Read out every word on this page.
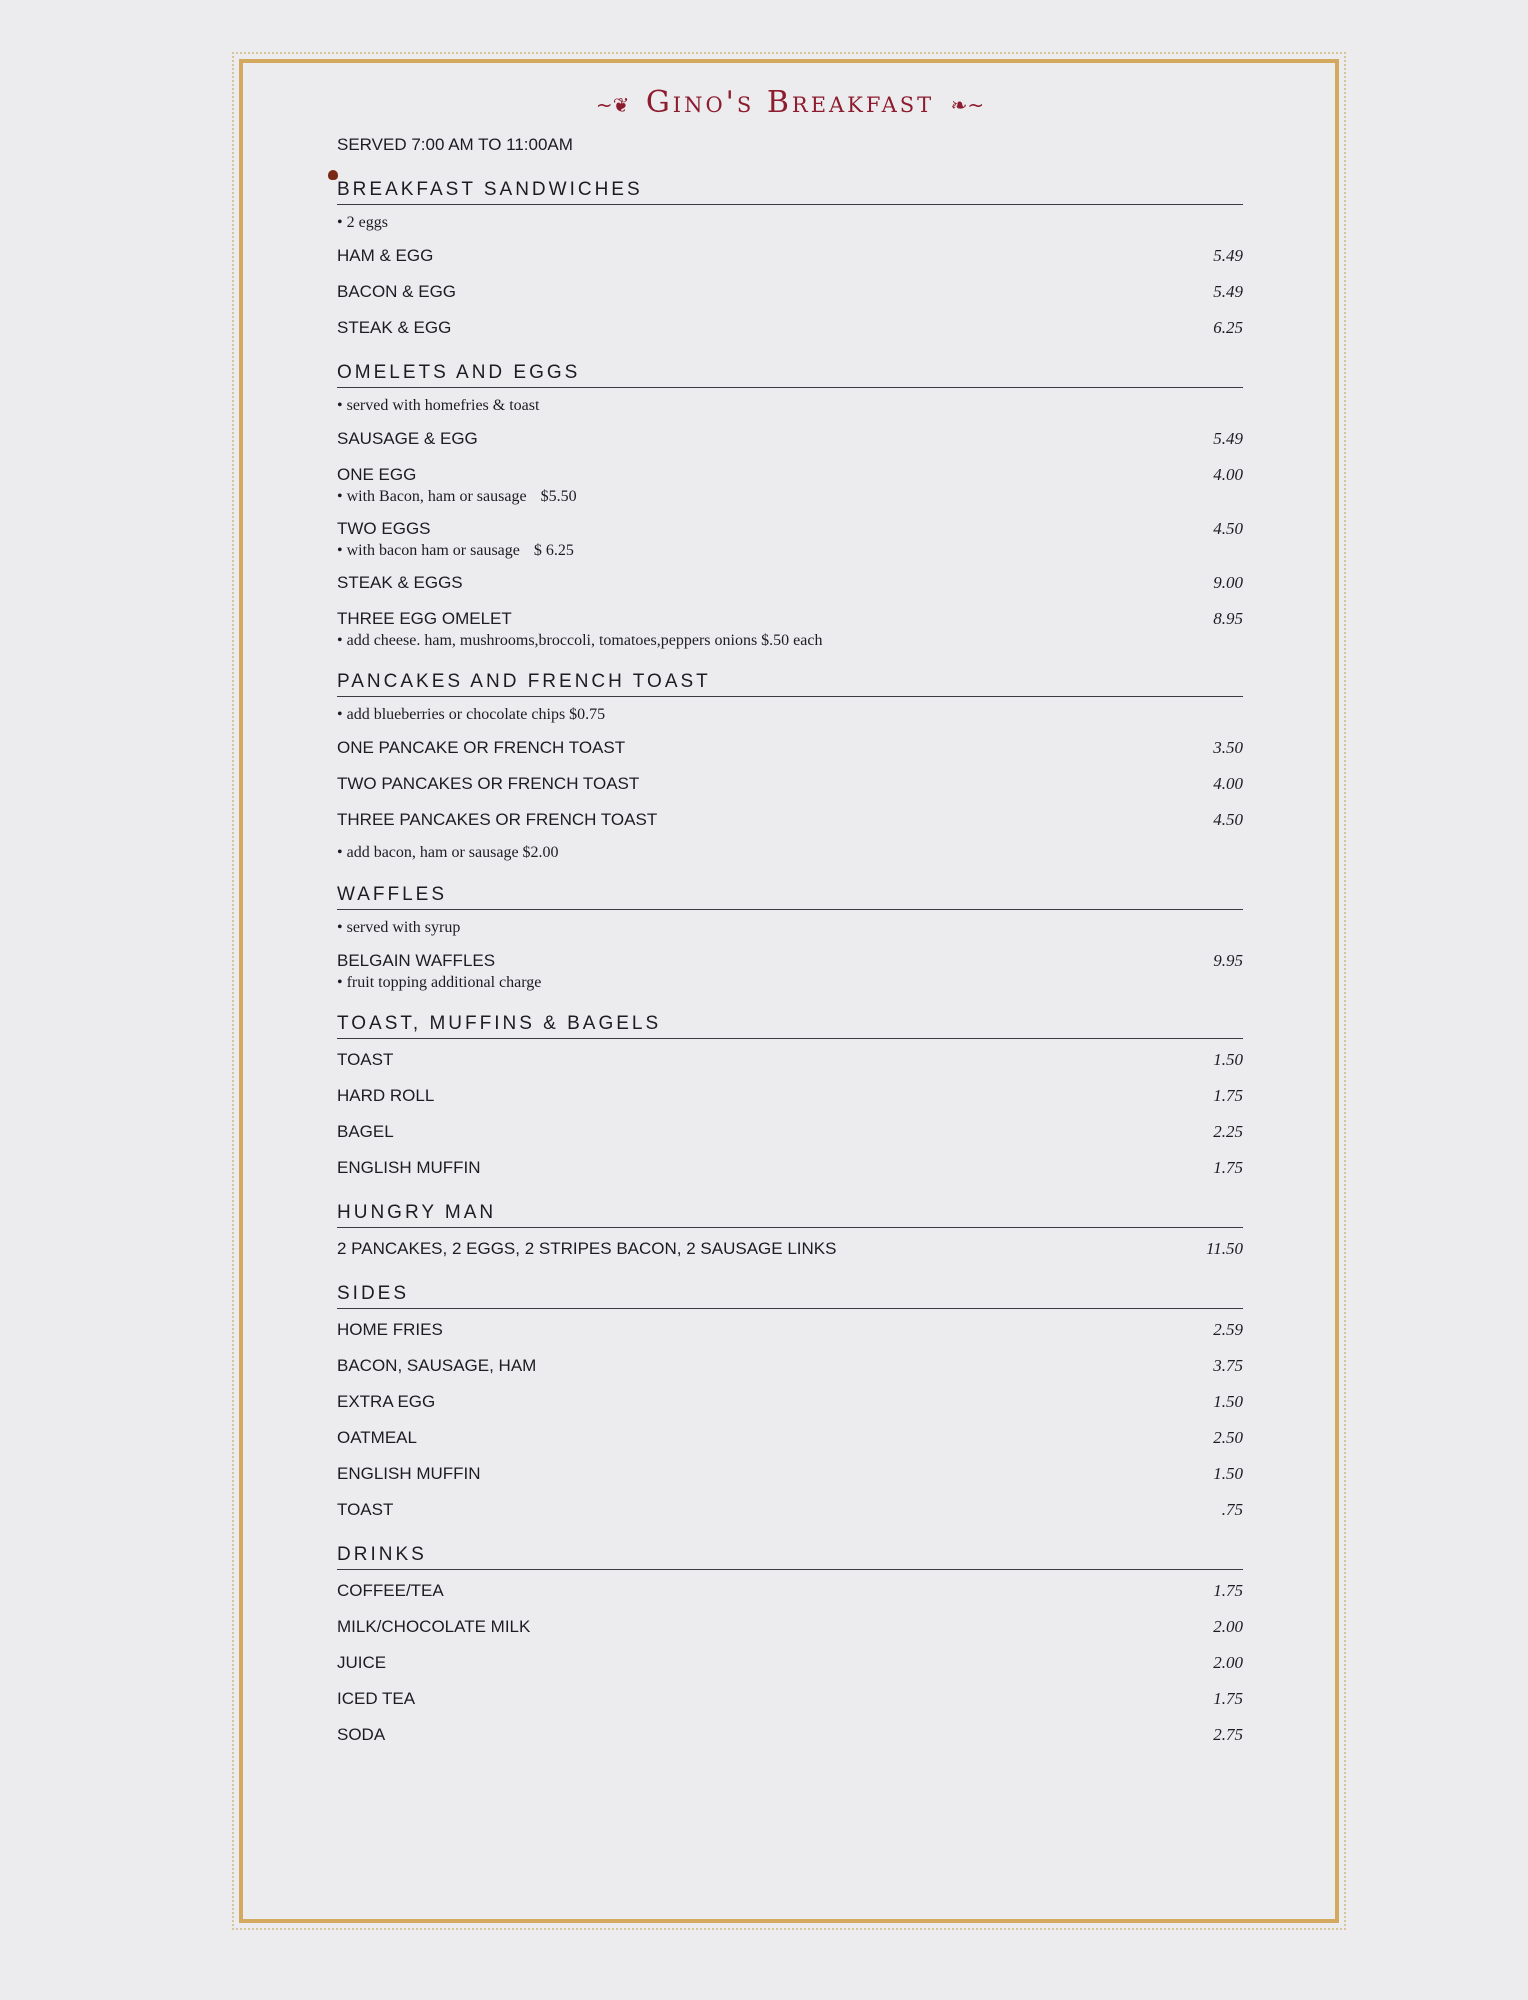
~❦ Gino's Breakfast ❧~
SERVED 7:00 AM TO 11:00AM
BREAKFAST SANDWICHES
• 2 eggs
HAM & EGG	5.49
BACON & EGG	5.49
STEAK & EGG	6.25
OMELETS AND EGGS
• served with homefries & toast
SAUSAGE & EGG	5.49
ONE EGG	4.00
• with Bacon, ham or sausage $5.50
TWO EGGS	4.50
• with bacon ham or sausage $ 6.25
STEAK & EGGS	9.00
THREE EGG OMELET	8.95
• add cheese. ham, mushrooms,broccoli, tomatoes,peppers onions $.50 each
PANCAKES AND FRENCH TOAST
• add blueberries or chocolate chips $0.75
ONE PANCAKE OR FRENCH TOAST	3.50
TWO PANCAKES OR FRENCH TOAST	4.00
THREE PANCAKES OR FRENCH TOAST	4.50
• add bacon, ham or sausage $2.00
WAFFLES
• served with syrup
BELGAIN WAFFLES	9.95
• fruit topping additional charge
TOAST, MUFFINS & BAGELS
TOAST	1.50
HARD ROLL	1.75
BAGEL	2.25
ENGLISH MUFFIN	1.75
HUNGRY MAN
2 PANCAKES, 2 EGGS, 2 STRIPES BACON, 2 SAUSAGE LINKS	11.50
SIDES
HOME FRIES	2.59
BACON, SAUSAGE, HAM	3.75
EXTRA EGG	1.50
OATMEAL	2.50
ENGLISH MUFFIN	1.50
TOAST	.75
DRINKS
COFFEE/TEA	1.75
MILK/CHOCOLATE MILK	2.00
JUICE	2.00
ICED TEA	1.75
SODA	2.75
